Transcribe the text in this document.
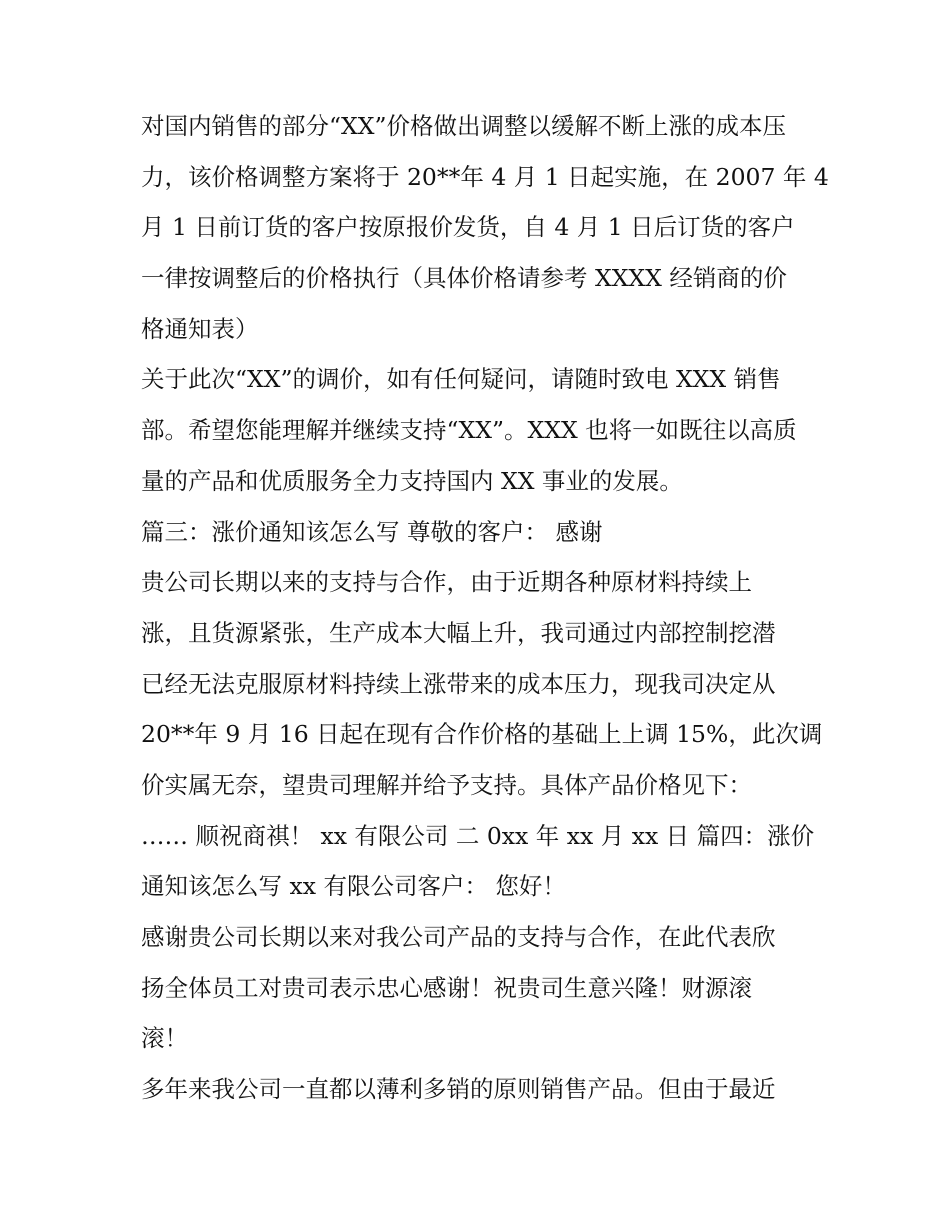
对国内销售的部分“XX”价格做出调整以缓解不断上涨的成本压
力，该价格调整方案将于 20**年 4 月 1 日起实施，在 2007 年 4
月 1 日前订货的客户按原报价发货，自 4 月 1 日后订货的客户
一律按调整后的价格执行（具体价格请参考 XXXX 经销商的价
格通知表）
关于此次“XX”的调价，如有任何疑问，请随时致电 XXX 销售
部。希望您能理解并继续支持“XX”。XXX 也将一如既往以高质
量的产品和优质服务全力支持国内 XX 事业的发展。
篇三：涨价通知该怎么写 尊敬的客户： 感谢
贵公司长期以来的支持与合作，由于近期各种原材料持续上
涨，且货源紧张，生产成本大幅上升，我司通过内部控制挖潜
已经无法克服原材料持续上涨带来的成本压力，现我司决定从
20**年 9 月 16 日起在现有合作价格的基础上上调 15%，此次调
价实属无奈，望贵司理解并给予支持。具体产品价格见下：
…… 顺祝商祺！ xx 有限公司 二 0xx 年 xx 月 xx 日 篇四：涨价
通知该怎么写 xx 有限公司客户： 您好！
感谢贵公司长期以来对我公司产品的支持与合作，在此代表欣
扬全体员工对贵司表示忠心感谢！祝贵司生意兴隆！财源滚
滚！
多年来我公司一直都以薄利多销的原则销售产品。但由于最近
